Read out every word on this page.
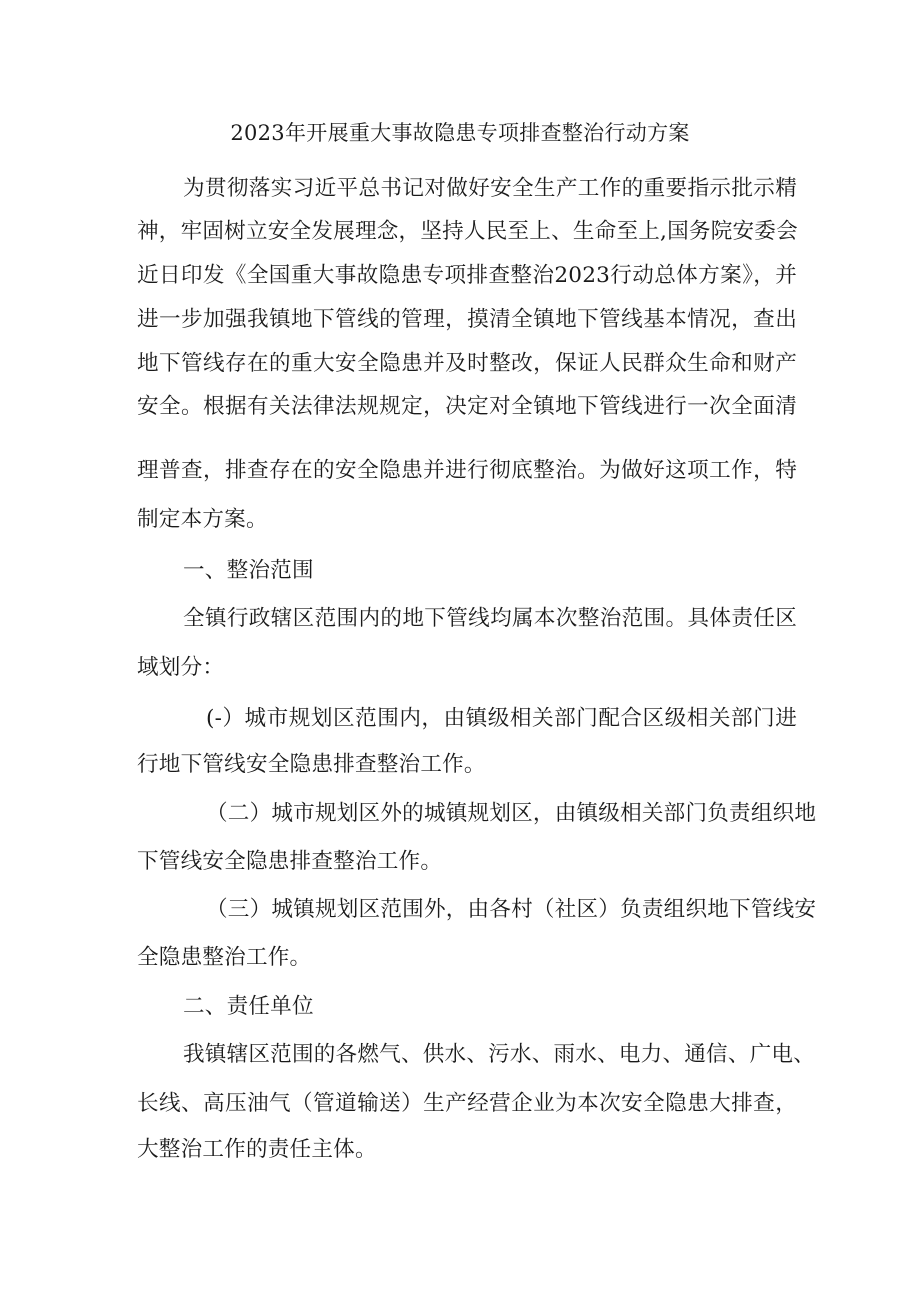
2023年开展重大事故隐患专项排查整治行动方案
为贯彻落实习近平总书记对做好安全生产工作的重要指示批示精
神，牢固树立安全发展理念，坚持人民至上、生命至上,国务院安委会
近日印发《全国重大事故隐患专项排查整治2023行动总体方案》，并
进一步加强我镇地下管线的管理，摸清全镇地下管线基本情况，查出
地下管线存在的重大安全隐患并及时整改，保证人民群众生命和财产
安全。根据有关法律法规规定，决定对全镇地下管线进行一次全面清
理普查，排查存在的安全隐患并进行彻底整治。为做好这项工作，特
制定本方案。
一、整治范围
全镇行政辖区范围内的地下管线均属本次整治范围。具体责任区
域划分：
(-）城市规划区范围内，由镇级相关部门配合区级相关部门进
行地下管线安全隐患排查整治工作。
（二）城市规划区外的城镇规划区，由镇级相关部门负责组织地
下管线安全隐患排查整治工作。
（三）城镇规划区范围外，由各村（社区）负责组织地下管线安
全隐患整治工作。
二、责任单位
我镇辖区范围的各燃气、供水、污水、雨水、电力、通信、广电、
长线、高压油气（管道输送）生产经营企业为本次安全隐患大排查，
大整治工作的责任主体。
